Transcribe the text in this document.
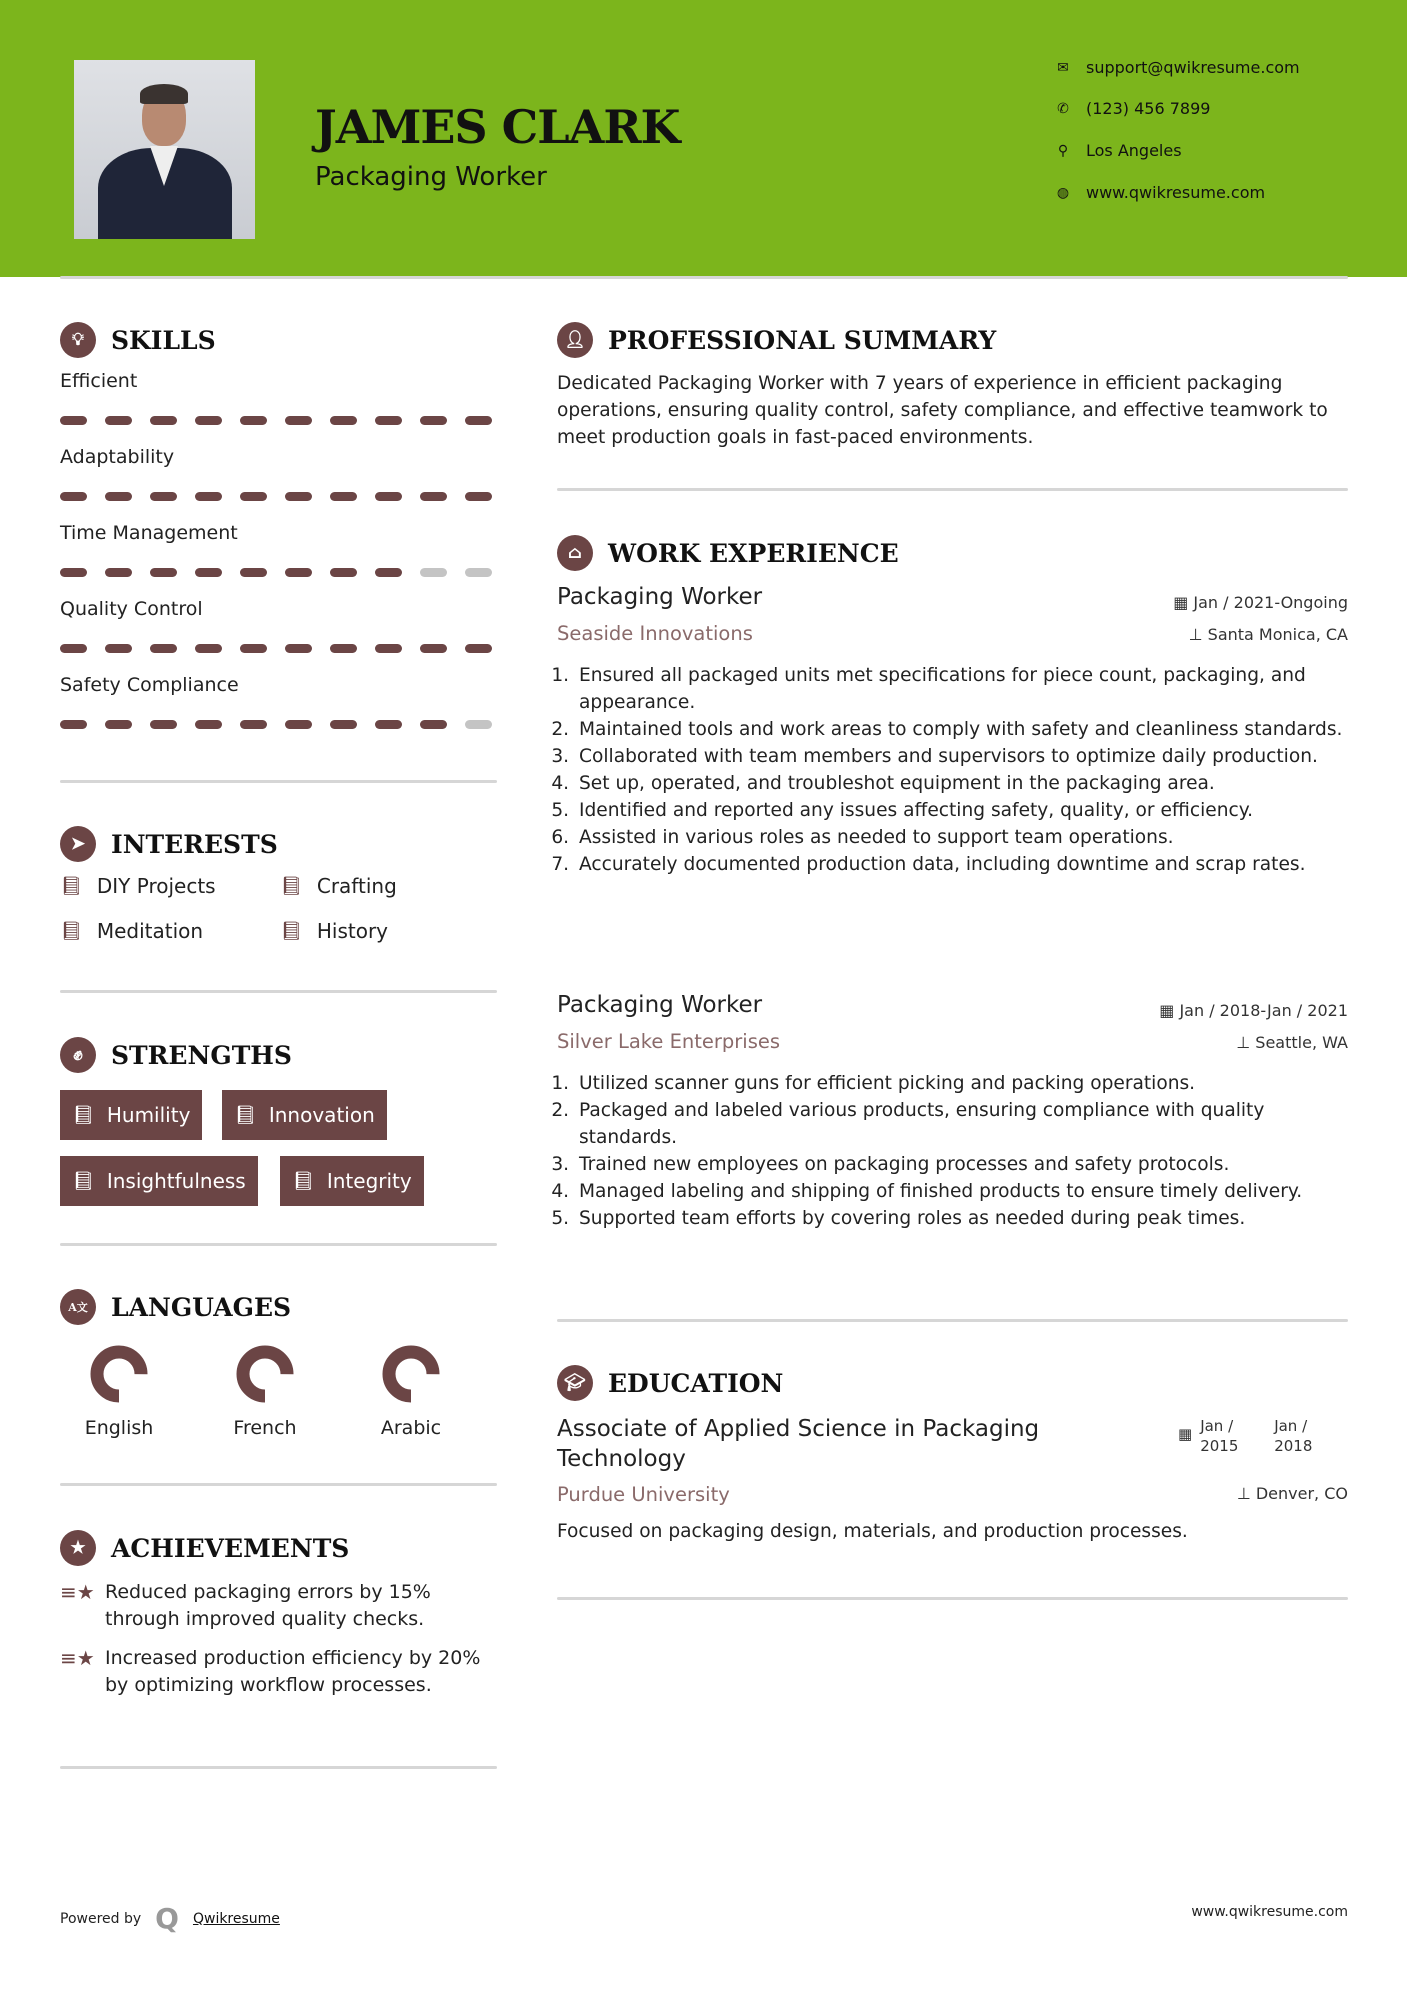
JAMES CLARK
Packaging Worker
✉	support@qwikresume.com
✆	(123) 456 7899
⚲	Los Angeles
◍	www.qwikresume.com
💡︎	SKILLS
Efficient
Adaptability
Time Management
Quality Control
Safety Compliance
➤	INTERESTS
📘︎ DIY Projects	📘︎ Crafting
📘︎ Meditation	📘︎ History
✊︎	STRENGTHS
📘︎ Humility 📘︎ Innovation
📘︎ Insightfulness	📘︎ Integrity
A文 LANGUAGES
English	French	Arabic
★	ACHIEVEMENTS
≡★ Reduced packaging errors by 15% through improved quality checks.
≡★ Increased production efficiency by 20% by optimizing workflow processes.
👤︎ PROFESSIONAL SUMMARY
Dedicated Packaging Worker with 7 years of experience in efficient packaging operations, ensuring quality control, safety compliance, and effective teamwork to meet production goals in fast-paced environments.
⌂	WORK EXPERIENCE
Packaging Worker
Seaside Innovations
▦ Jan / 2021-Ongoing
⊥ Santa Monica, CA
1. Ensured all packaged units met specifications for piece count, packaging, and appearance.
2. Maintained tools and work areas to comply with safety and cleanliness standards.
3. Collaborated with team members and supervisors to optimize daily production.
4. Set up, operated, and troubleshot equipment in the packaging area.
5. Identified and reported any issues affecting safety, quality, or efficiency.
6. Assisted in various roles as needed to support team operations.
7. Accurately documented production data, including downtime and scrap rates.
Packaging Worker
Silver Lake Enterprises
▦ Jan / 2018-Jan / 2021
⊥ Seattle, WA
1. Utilized scanner guns for efficient picking and packing operations.
2. Packaged and labeled various products, ensuring compliance with quality standards.
3. Trained new employees on packaging processes and safety protocols.
4. Managed labeling and shipping of finished products to ensure timely delivery.
5. Supported team efforts by covering roles as needed during peak times.
🎓︎ EDUCATION
Associate of Applied Science in Packaging Technology
▦ Jan / 2015
Jan / 2018
Purdue University	⊥ Denver, CO
Focused on packaging design, materials, and production processes.
Powered by Q Qwikresume	www.qwikresume.com
